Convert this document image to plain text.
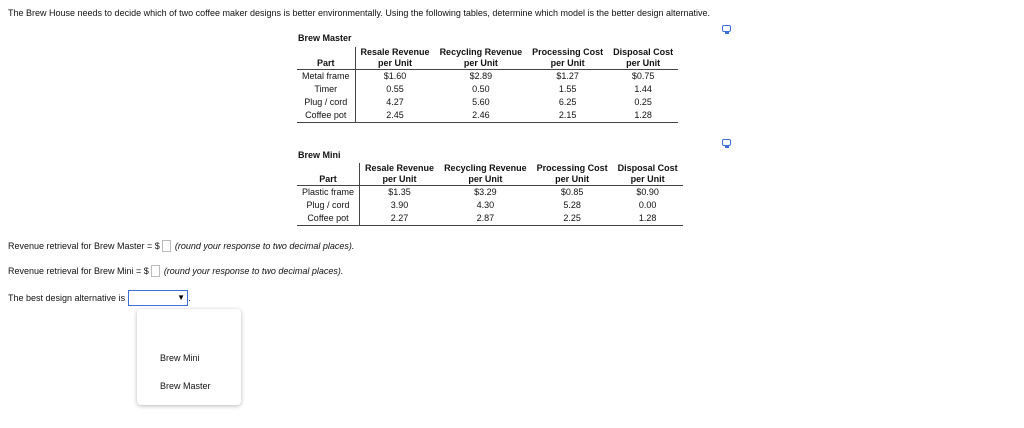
The Brew House needs to decide which of two coffee maker designs is better environmentally. Using the following tables, determine which model is the better design alternative.
Brew Master
	Resale Revenue	Recycling Revenue	Processing Cost	Disposal Cost
Part	per Unit	per Unit	per Unit	per Unit
Metal frame	$1.60	$2.89	$1.27	$0.75
Timer	0.55	0.50	1.55	1.44
Plug / cord	4.27	5.60	6.25	0.25
Coffee pot	2.45	2.46	2.15	1.28
Brew Mini
	Resale Revenue	Recycling Revenue	Processing Cost	Disposal Cost
Part	per Unit	per Unit	per Unit	per Unit
Plastic frame	$1.35	$3.29	$0.85	$0.90
Plug / cord	3.90	4.30	5.28	0.00
Coffee pot	2.27	2.87	2.25	1.28
Revenue retrieval for Brew Master = $ (round your response to two decimal places).
Revenue retrieval for Brew Mini = $ (round your response to two decimal places).
The best design alternative is	▼ .
Brew Mini
Brew Master
